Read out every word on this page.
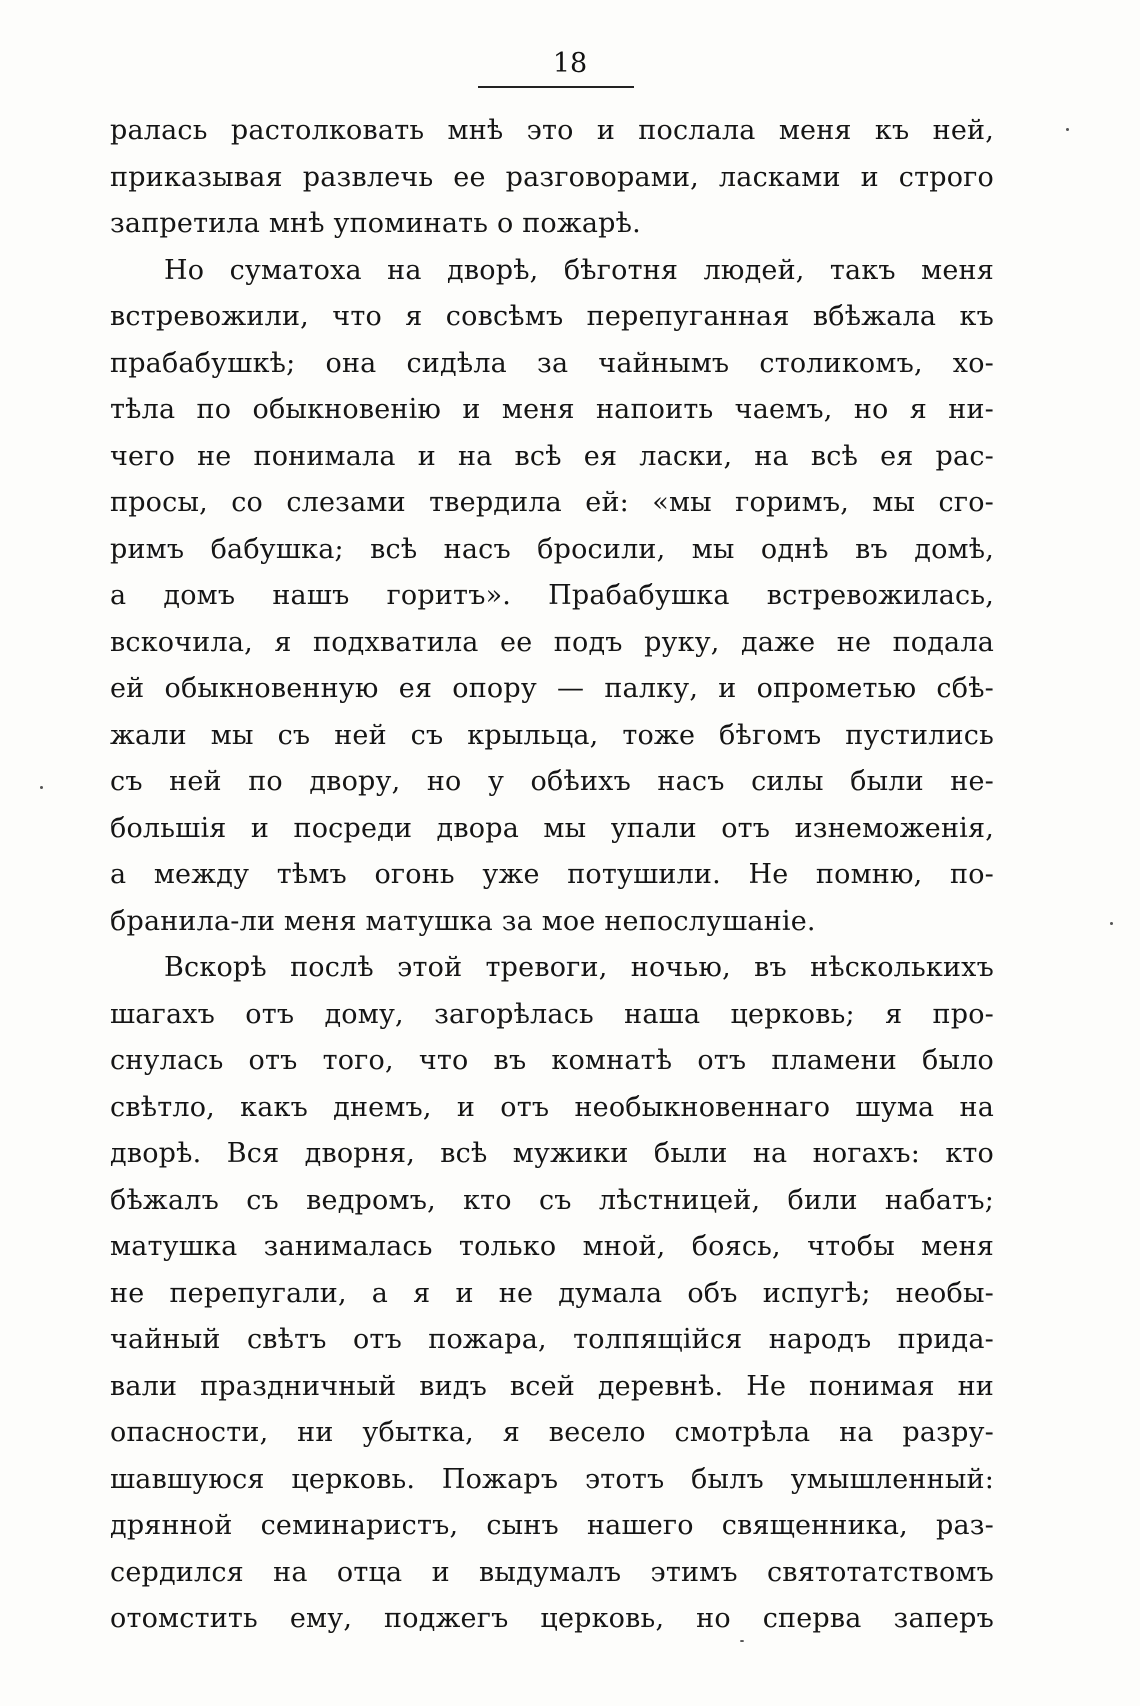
18
ралась растолковать мнѣ это и послала меня къ ней,
приказывая развлечь ее разговорами, ласками и строго
запретила мнѣ упоминать о пожарѣ.
Но суматоха на дворѣ, бѣготня людей, такъ меня
встревожили, что я совсѣмъ перепуганная вбѣжала къ
прабабушкѣ; она сидѣла за чайнымъ столикомъ, хо-
тѣла по обыкновенію и меня напоить чаемъ, но я ни-
чего не понимала и на всѣ ея ласки, на всѣ ея рас-
просы, со слезами твердила ей: «мы горимъ, мы сго-
римъ бабушка; всѣ насъ бросили, мы однѣ въ домѣ,
а домъ нашъ горитъ». Прабабушка встревожилась,
вскочила, я подхватила ее подъ руку, даже не подала
ей обыкновенную ея опору — палку, и опрометью сбѣ-
жали мы съ ней съ крыльца, тоже бѣгомъ пустились
съ ней по двору, но у обѣихъ насъ силы были не-
большія и посреди двора мы упали отъ изнеможенія,
а между тѣмъ огонь уже потушили. Не помню, по-
бранила-ли меня матушка за мое непослушаніе.
Вскорѣ послѣ этой тревоги, ночью, въ нѣсколькихъ
шагахъ отъ дому, загорѣлась наша церковь; я про-
снулась отъ того, что въ комнатѣ отъ пламени было
свѣтло, какъ днемъ, и отъ необыкновеннаго шума на
дворѣ. Вся дворня, всѣ мужики были на ногахъ: кто
бѣжалъ съ ведромъ, кто съ лѣстницей, били набатъ;
матушка занималась только мной, боясь, чтобы меня
не перепугали, а я и не думала объ испугѣ; необы-
чайный свѣтъ отъ пожара, толпящійся народъ прида-
вали праздничный видъ всей деревнѣ. Не понимая ни
опасности, ни убытка, я весело смотрѣла на разру-
шавшуюся церковь. Пожаръ этотъ былъ умышленный:
дрянной семинаристъ, сынъ нашего священника, раз-
сердился на отца и выдумалъ этимъ святотатствомъ
отомстить ему, поджегъ церковь, но сперва заперъ
